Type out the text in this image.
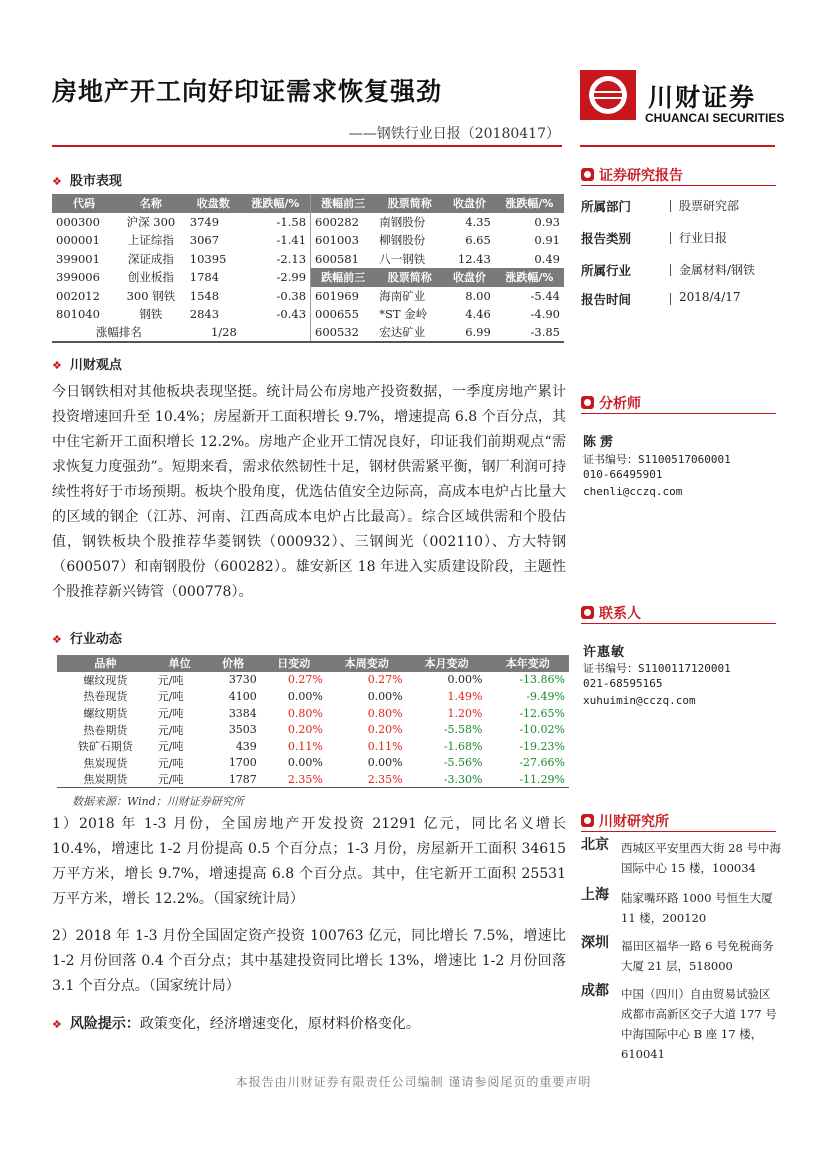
房地产开工向好印证需求恢复强劲	川财证券
CHUANCAI SECURITIES
——钢铁行业日报（20180417）
❖ 股市表现
代码	名称	收盘数	涨跌幅/%	涨幅前三	股票简称	收盘价	涨跌幅/%
000300	沪深 300	3749	-1.58	600282	南钢股份	4.35	0.93
000001	上证综指	3067	-1.41	601003	柳钢股份	6.65	0.91
399001	深证成指	10395	-2.13	600581	八一钢铁	12.43	0.49
399006	创业板指	1784	-2.99	跌幅前三	股票简称	收盘价	涨跌幅/%
002012	300 钢铁	1548	-0.38	601969	海南矿业	8.00	-5.44
801040	钢铁	2843	-0.43	000655	*ST 金岭	4.46	-4.90
涨幅排名		1/28		600532	宏达矿业	6.99	-3.85
❖ 川财观点
今日钢铁相对其他板块表现坚挺。统计局公布房地产投资数据，一季度房地产累计投资增速回升至 10.4%；房屋新开工面积增长 9.7%，增速提高 6.8 个百分点，其中住宅新开工面积增长 12.2%。房地产企业开工情况良好，印证我们前期观点“需求恢复力度强劲”。短期来看，需求依然韧性十足，钢材供需紧平衡，钢厂利润可持续性将好于市场预期。板块个股角度，优选估值安全边际高，高成本电炉占比量大的区域的钢企（江苏、河南、江西高成本电炉占比最高）。综合区域供需和个股估值，钢铁板块个股推荐华菱钢铁（000932）、三钢闽光（002110）、方大特钢（600507）和南钢股份（600282）。雄安新区 18 年进入实质建设阶段，主题性个股推荐新兴铸管（000778）。
❖ 行业动态
品种	单位	价格	日变动	本周变动	本月变动	本年变动
螺纹现货	元/吨	3730	0.27%	0.27%	0.00%	-13.86%
热卷现货	元/吨	4100	0.00%	0.00%	1.49%	-9.49%
螺纹期货	元/吨	3384	0.80%	0.80%	1.20%	-12.65%
热卷期货	元/吨	3503	0.20%	0.20%	-5.58%	-10.02%
铁矿石期货	元/吨	439	0.11%	0.11%	-1.68%	-19.23%
焦炭现货	元/吨	1700	0.00%	0.00%	-5.56%	-27.66%
焦炭期货	元/吨	1787	2.35%	2.35%	-3.30%	-11.29%
数据来源：Wind；川财证券研究所
1）2018 年 1-3 月份，全国房地产开发投资 21291 亿元，同比名义增长 10.4%，增速比 1-2 月份提高 0.5 个百分点；1-3 月份，房屋新开工面积 34615 万平方米，增长 9.7%，增速提高 6.8 个百分点。其中，住宅新开工面积 25531 万平方米，增长 12.2%。（国家统计局）
2）2018 年 1-3 月份全国固定资产投资 100763 亿元，同比增长 7.5%，增速比 1-2 月份回落 0.4 个百分点；其中基建投资同比增长 13%，增速比 1-2 月份回落 3.1 个百分点。（国家统计局）
❖ 风险提示：政策变化，经济增速变化，原材料价格变化。
证券研究报告
所属部门	股票研究部
报告类别	行业日报
所属行业	金属材料/钢铁
报告时间	2018/4/17
分析师
陈雳
证书编号：S1100517060001
010-66495901
chenli@cczq.com
联系人
许惠敏
证书编号：S1100117120001
021-68595165
xuhuimin@cczq.com
川财研究所
北京 西城区平安里西大街 28 号中海国际中心 15 楼，100034
上海 陆家嘴环路 1000 号恒生大厦 11 楼，200120
深圳 福田区福华一路 6 号免税商务大厦 21 层，518000
成都 中国（四川）自由贸易试验区成都市高新区交子大道 177 号中海国际中心 B 座 17 楼，610041
本报告由川财证券有限责任公司编制 谨请参阅尾页的重要声明
